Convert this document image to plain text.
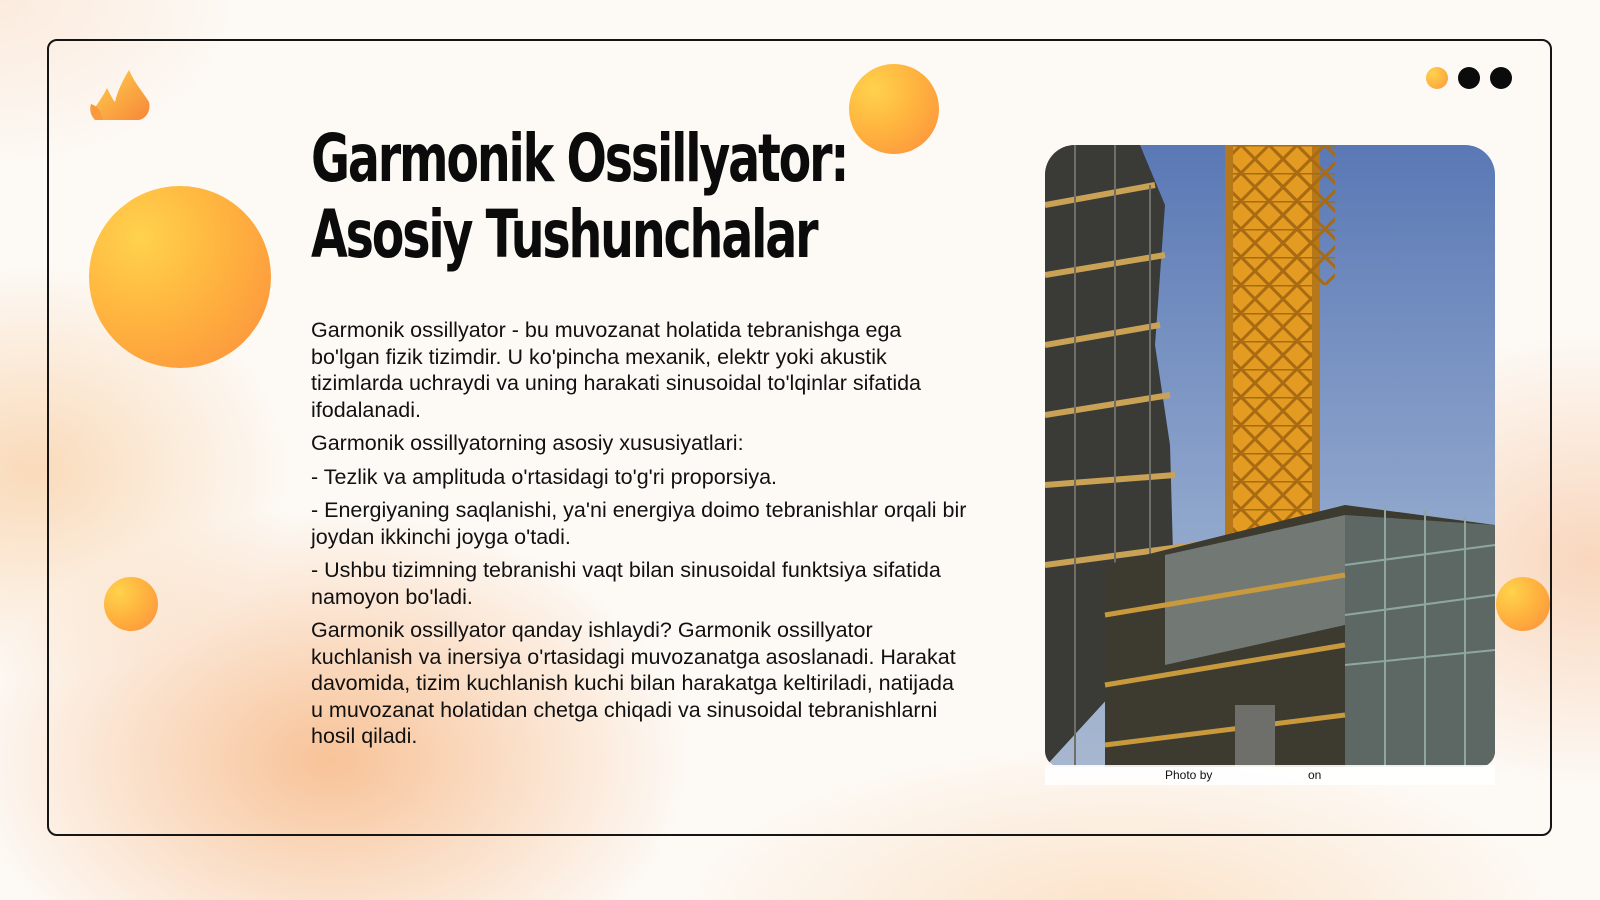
Garmonik Ossillyator:
Asosiy Tushunchalar

Garmonik ossillyator - bu muvozanat holatida tebranishga ega bo'lgan fizik tizimdir. U ko'pincha mexanik, elektr yoki akustik tizimlarda uchraydi va uning harakati sinusoidal to'lqinlar sifatida ifodalanadi.

Garmonik ossillyatorning asosiy xususiyatlari:

- Tezlik va amplituda o'rtasidagi to'g'ri proporsiya.

- Energiyaning saqlanishi, ya'ni energiya doimo tebranishlar orqali bir joydan ikkinchi joyga o'tadi.

- Ushbu tizimning tebranishi vaqt bilan sinusoidal funktsiya sifatida namoyon bo'ladi.

Garmonik ossillyator qanday ishlaydi? Garmonik ossillyator kuchlanish va inersiya o'rtasidagi muvozanatga asoslanadi. Harakat davomida, tizim kuchlanish kuchi bilan harakatga keltiriladi, natijada u muvozanat holatidan chetga chiqadi va sinusoidal tebranishlarni hosil qiladi.

Photo by	on
